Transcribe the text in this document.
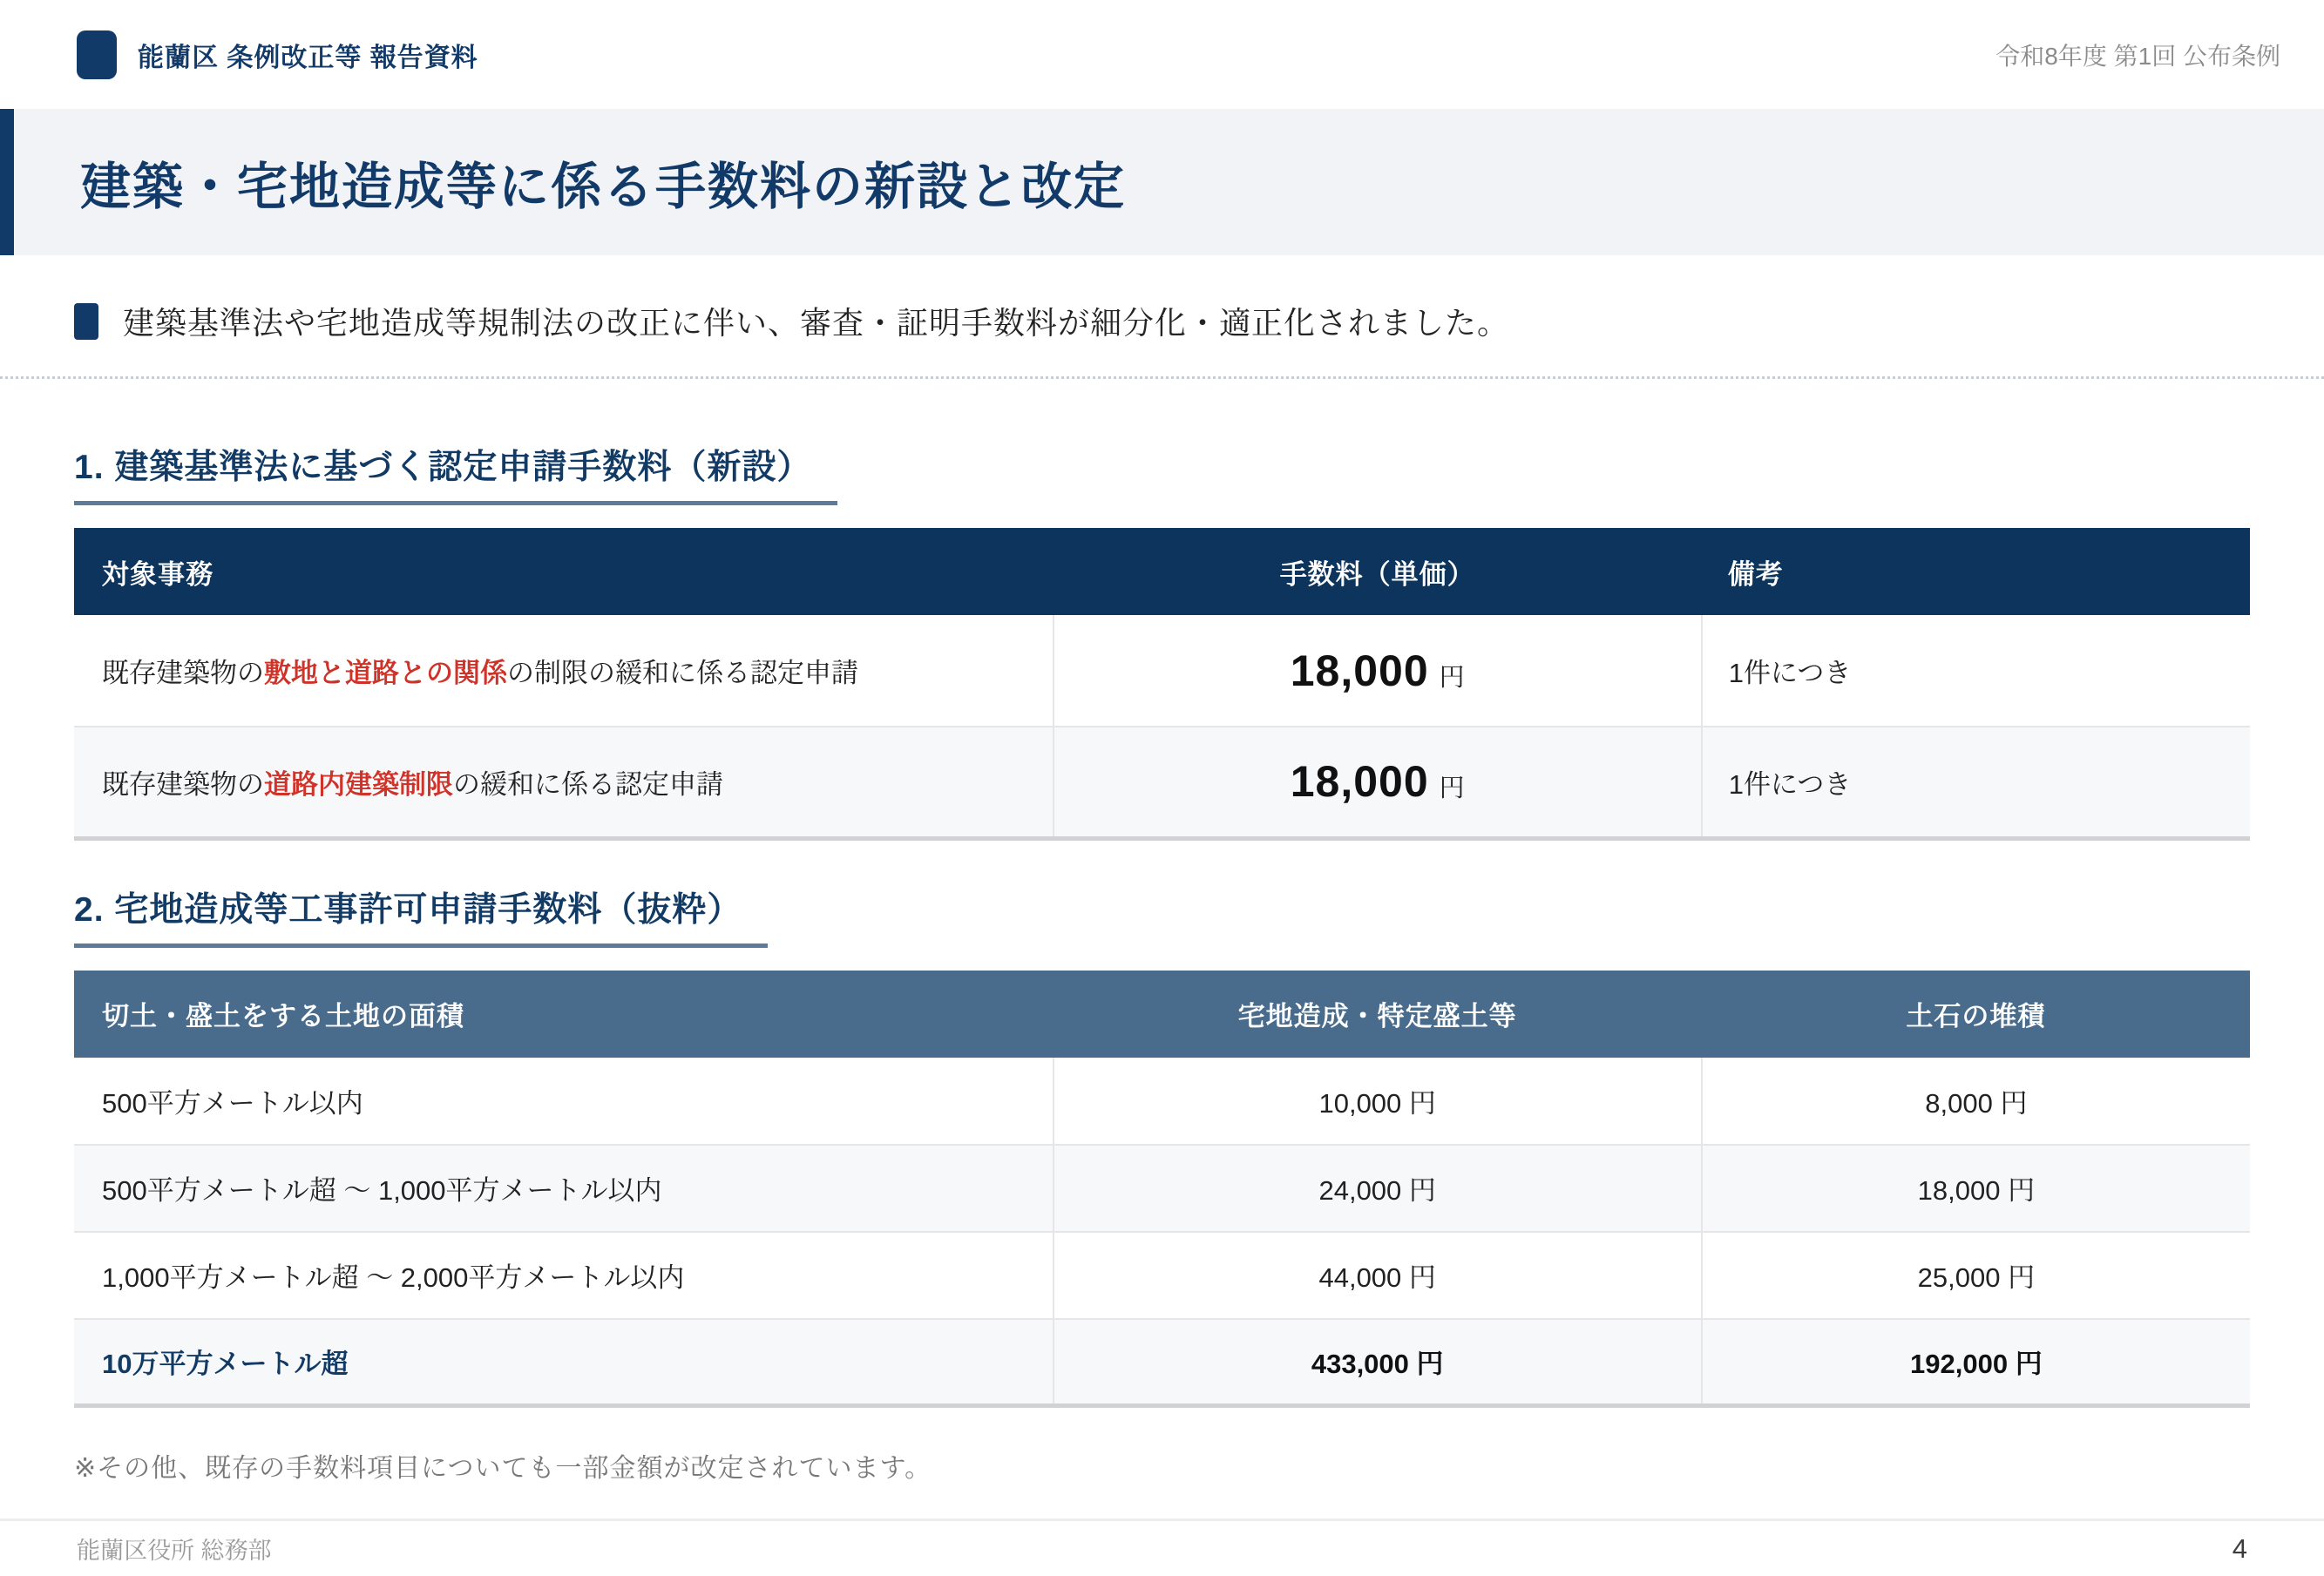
能蘭区 条例改正等 報告資料	令和8年度 第1回 公布条例
建築・宅地造成等に係る手数料の新設と改定
建築基準法や宅地造成等規制法の改正に伴い、審査・証明手数料が細分化・適正化されました。
1. 建築基準法に基づく認定申請手数料（新設）
対象事務	手数料（単価）	備考
既存建築物の敷地と道路との関係の制限の緩和に係る認定申請	18,000 円	1件につき
既存建築物の道路内建築制限の緩和に係る認定申請	18,000 円	1件につき
2. 宅地造成等工事許可申請手数料（抜粋）
切土・盛土をする土地の面積	宅地造成・特定盛土等	土石の堆積
500平方メートル以内	10,000 円	8,000 円
500平方メートル超 〜 1,000平方メートル以内	24,000 円	18,000 円
1,000平方メートル超 〜 2,000平方メートル以内	44,000 円	25,000 円
10万平方メートル超	433,000 円	192,000 円

※その他、既存の手数料項目についても一部金額が改定されています。

能蘭区役所 総務部	4
